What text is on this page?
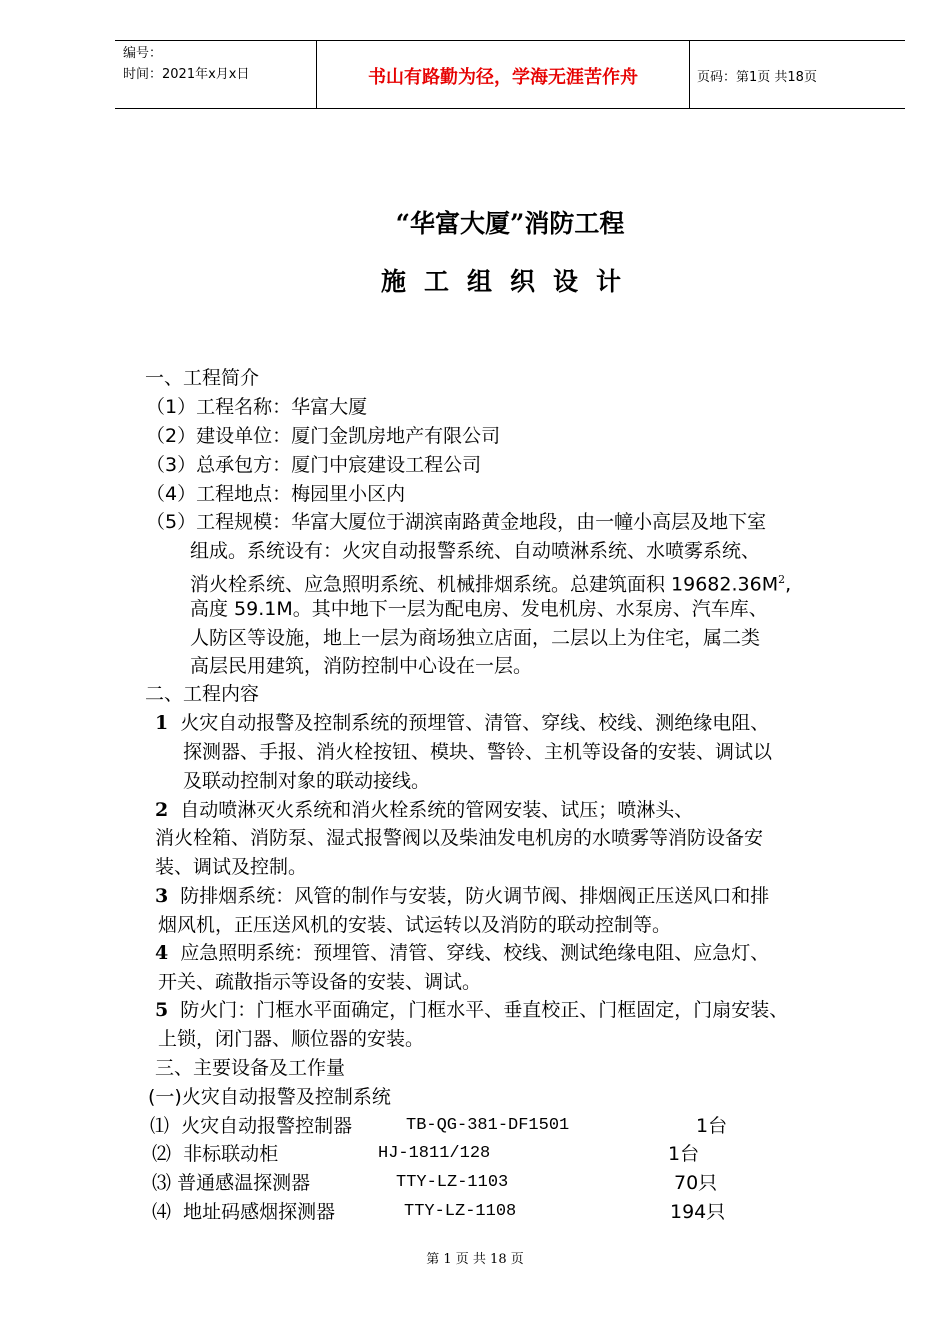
编号：
时间：2021年x月x日	书山有路勤为径，学海无涯苦作舟	页码：第1页 共18页
“华富大厦”消防工程
施工组织设计
一、工程简介
（1）工程名称：华富大厦
（2）建设单位：厦门金凯房地产有限公司
（3）总承包方：厦门中宸建设工程公司
（4）工程地点：梅园里小区内
（5）工程规模：华富大厦位于湖滨南路黄金地段，由一幢小高层及地下室
组成。系统设有：火灾自动报警系统、自动喷淋系统、水喷雾系统、
消火栓系统、应急照明系统、机械排烟系统。总建筑面积 $19682.36M^2$,
高度 59.1M。其中地下一层为配电房、发电机房、水泵房、汽车库、
人防区等设施，地上一层为商场独立店面，二层以上为住宅，属二类
高层民用建筑，消防控制中心设在一层。
二、工程内容
1 火灾自动报警及控制系统的预埋管、清管、穿线、校线、测绝缘电阻、
探测器、手报、消火栓按钮、模块、警铃、主机等设备的安装、调试以
及联动控制对象的联动接线。
2 自动喷淋灭火系统和消火栓系统的管网安装、试压；喷淋头、
消火栓箱、消防泵、湿式报警阀以及柴油发电机房的水喷雾等消防设备安
装、调试及控制。
3 防排烟系统：风管的制作与安装，防火调节阀、排烟阀正压送风口和排
烟风机，正压送风机的安装、试运转以及消防的联动控制等。
4 应急照明系统：预埋管、清管、穿线、校线、测试绝缘电阻、应急灯、
开关、疏散指示等设备的安装、调试。
5 防火门：门框水平面确定，门框水平、垂直校正、门框固定，门扇安装、
上锁，闭门器、顺位器的安装。
三、主要设备及工作量
(一)火灾自动报警及控制系统
⑴ 火灾自动报警控制器	TB-QG-381-DF1501	1台
⑵ 非标联动柜	HJ-1811/128	1台
⑶ 普通感温探测器	TTY-LZ-1103	70只
⑷ 地址码感烟探测器	TTY-LZ-1108	194只
第 1 页 共 18 页
